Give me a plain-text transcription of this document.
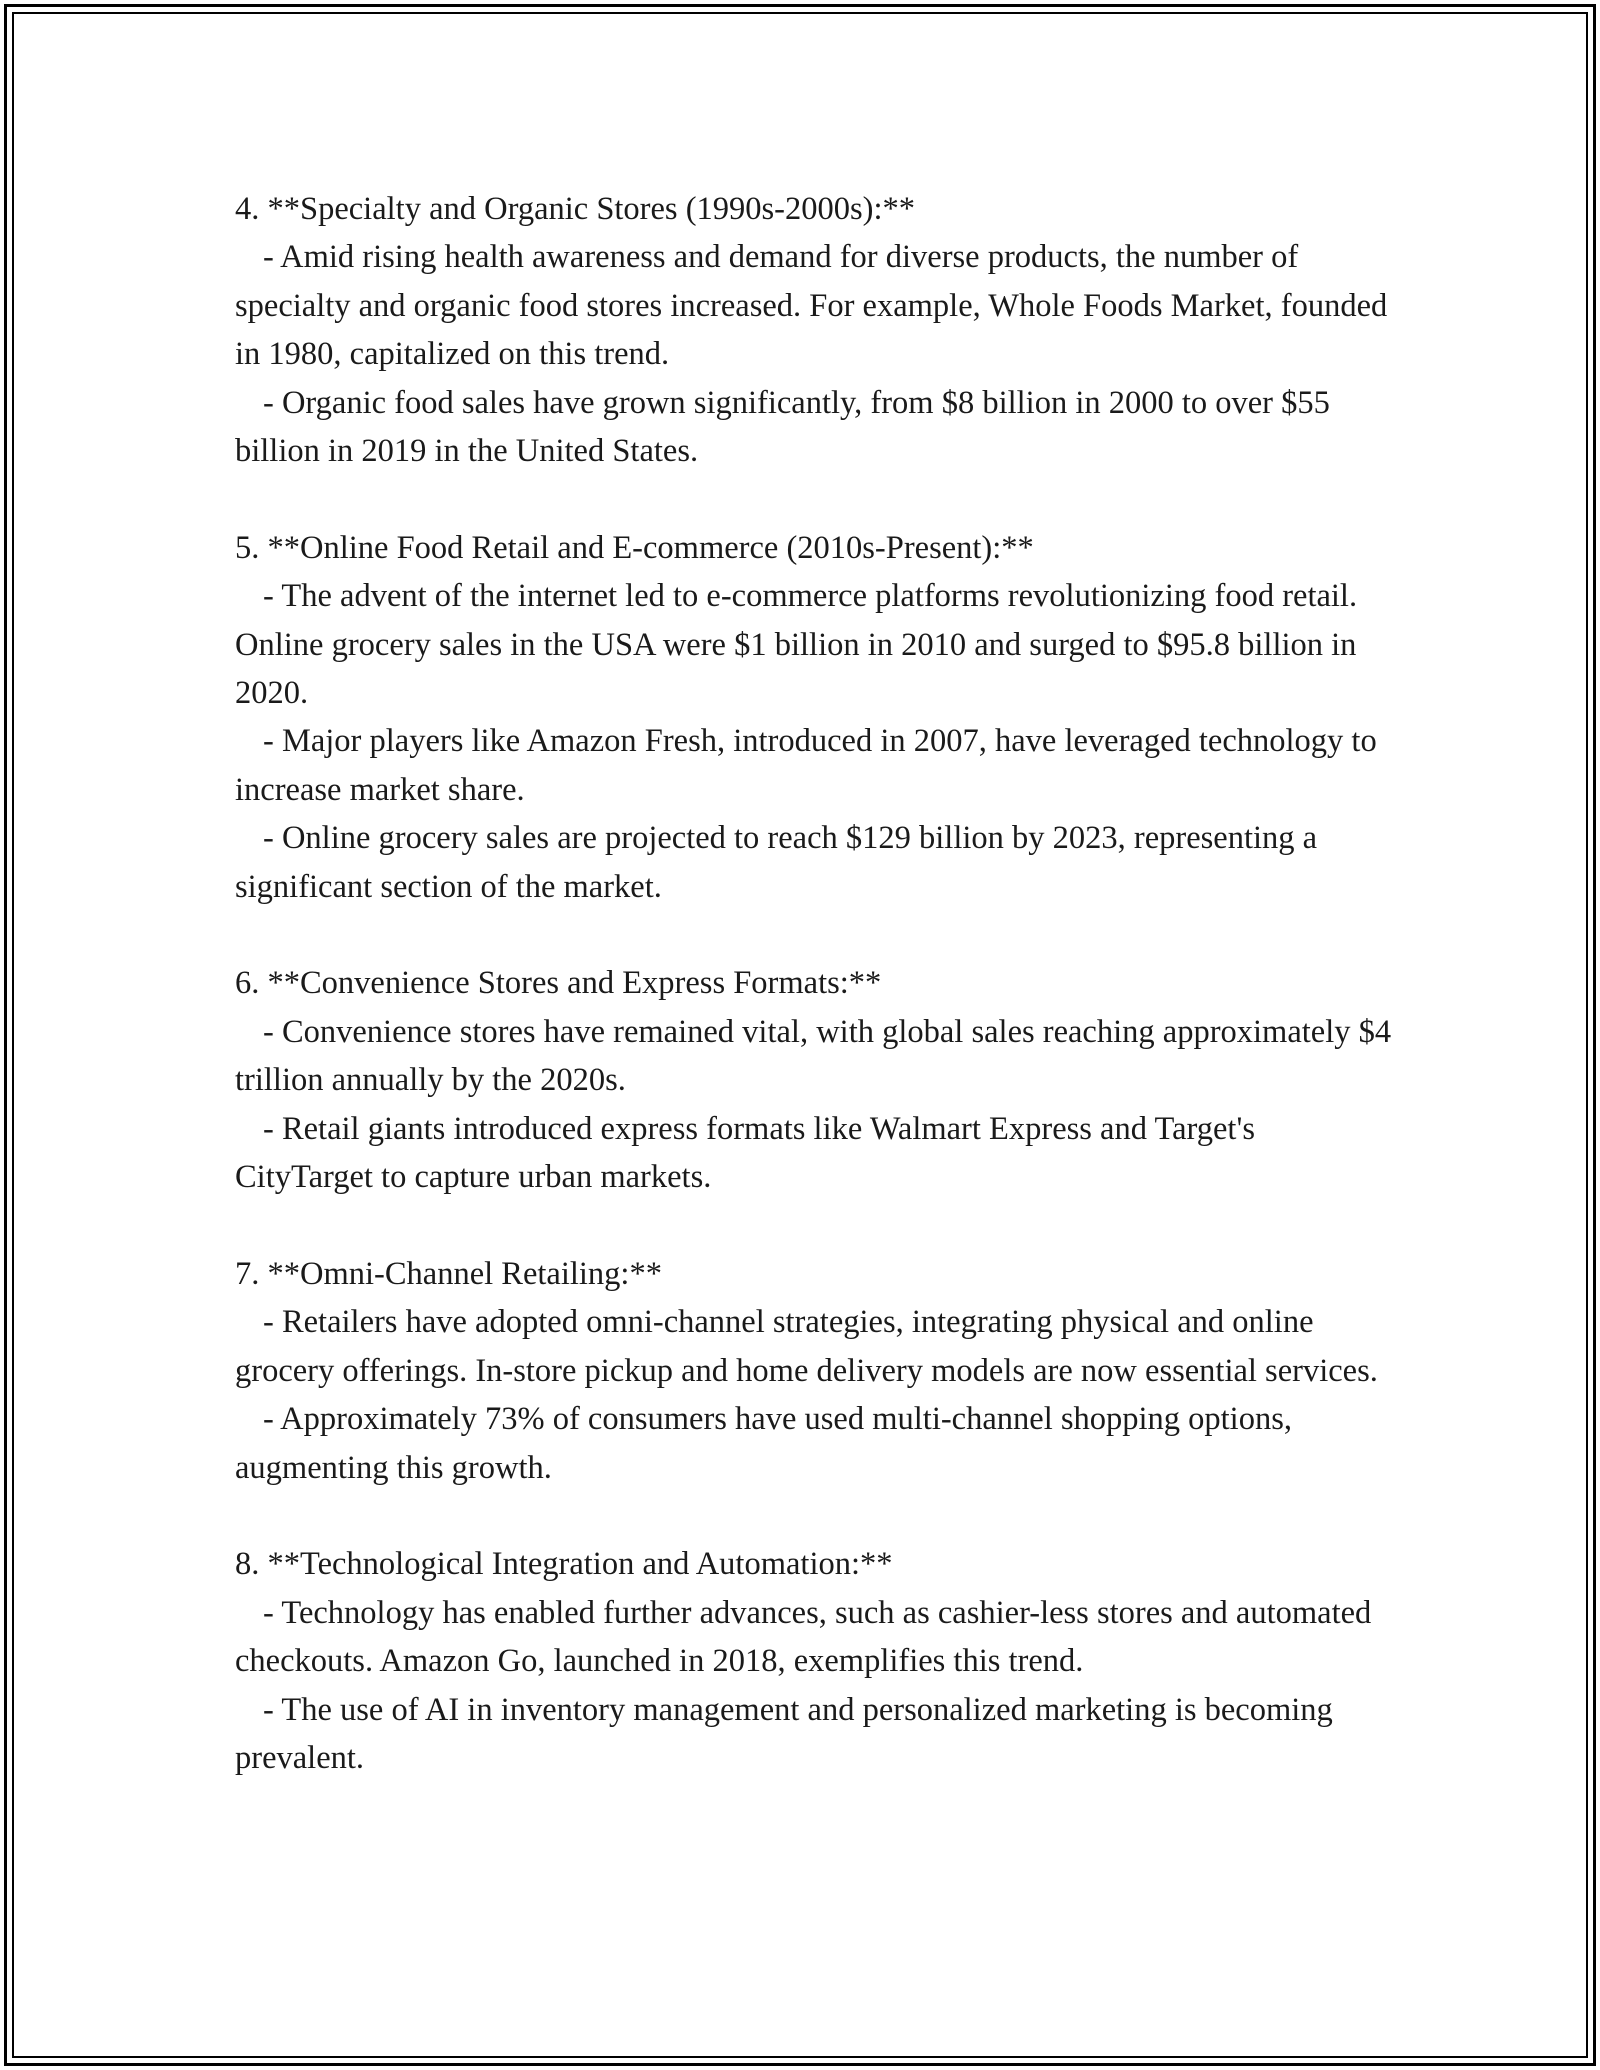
4. **Specialty and Organic Stores (1990s-2000s):**

- Amid rising health awareness and demand for diverse products, the number of specialty and organic food stores increased. For example, Whole Foods Market, founded in 1980, capitalized on this trend.

- Organic food sales have grown significantly, from $8 billion in 2000 to over $55 billion in 2019 in the United States.

5. **Online Food Retail and E-commerce (2010s-Present):**

- The advent of the internet led to e-commerce platforms revolutionizing food retail. Online grocery sales in the USA were $1 billion in 2010 and surged to $95.8 billion in 2020.

- Major players like Amazon Fresh, introduced in 2007, have leveraged technology to increase market share.

- Online grocery sales are projected to reach $129 billion by 2023, representing a significant section of the market.

6. **Convenience Stores and Express Formats:**

- Convenience stores have remained vital, with global sales reaching approximately $4 trillion annually by the 2020s.

- Retail giants introduced express formats like Walmart Express and Target's CityTarget to capture urban markets.

7. **Omni-Channel Retailing:**

- Retailers have adopted omni-channel strategies, integrating physical and online grocery offerings. In-store pickup and home delivery models are now essential services.

- Approximately 73% of consumers have used multi-channel shopping options, augmenting this growth.

8. **Technological Integration and Automation:**

- Technology has enabled further advances, such as cashier-less stores and automated checkouts. Amazon Go, launched in 2018, exemplifies this trend.

- The use of AI in inventory management and personalized marketing is becoming prevalent.
